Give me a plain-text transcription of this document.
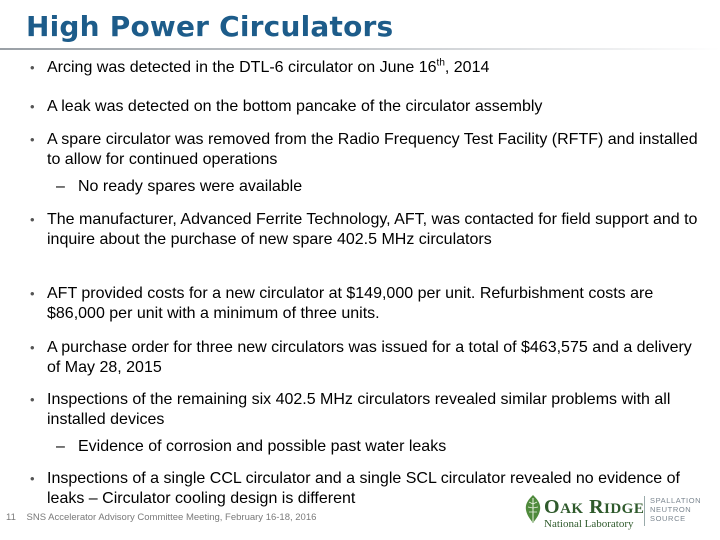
High Power Circulators
• Arcing was detected in the DTL-6 circulator on June 16th, 2014
• A leak was detected on the bottom pancake of the circulator assembly
• A spare circulator was removed from the Radio Frequency Test Facility (RFTF) and installed to allow for continued operations
– No ready spares were available
• The manufacturer, Advanced Ferrite Technology, AFT, was contacted for field support and to inquire about the purchase of new spare 402.5 MHz circulators
• AFT provided costs for a new circulator at $149,000 per unit. Refurbishment costs are $86,000 per unit with a minimum of three units.
• A purchase order for three new circulators was issued for a total of $463,575 and a delivery of May 28, 2015
• Inspections of the remaining six 402.5 MHz circulators revealed similar problems with all installed devices
– Evidence of corrosion and possible past water leaks
• Inspections of a single CCL circulator and a single SCL circulator revealed no evidence of leaks – Circulator cooling design is different
11 SNS Accelerator Advisory Committee Meeting, February 16-18, 2016	OAK RIDGE
National Laboratory
SPALLATION
NEUTRON
SOURCE
